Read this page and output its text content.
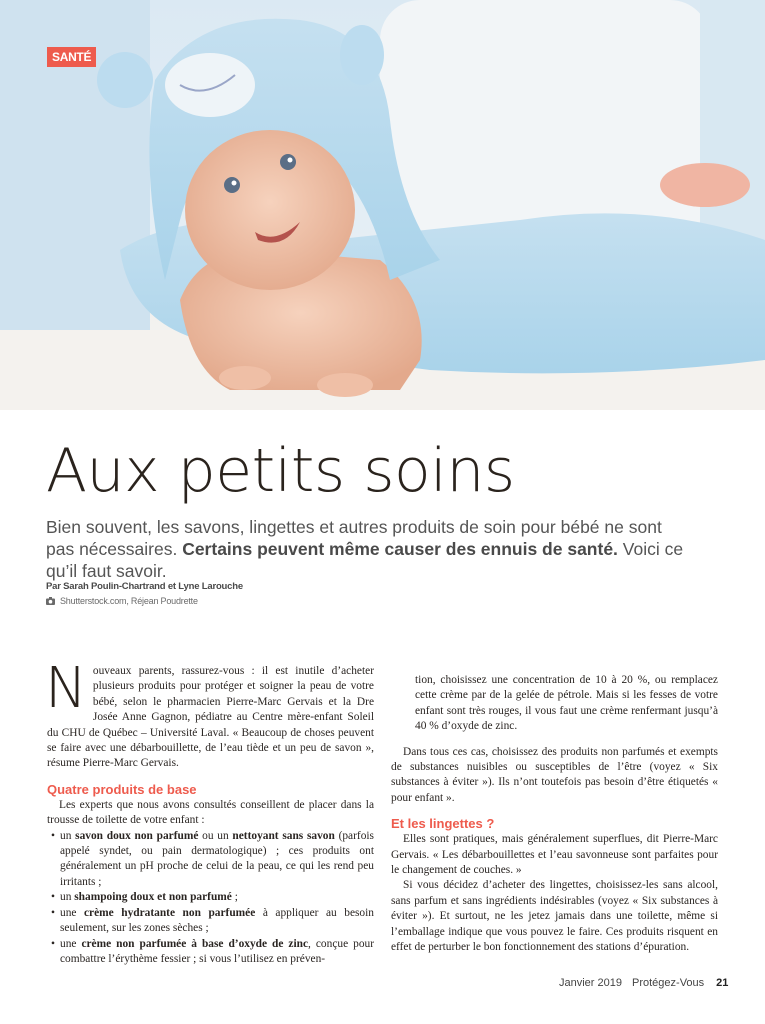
SANTÉ
Aux petits soins

Bien souvent, les savons, lingettes et autres produits de soin pour bébé ne sont pas nécessaires. Certains peuvent même causer des ennuis de santé. Voici ce qu’il faut savoir.

Par Sarah Poulin-Chartrand et Lyne Larouche
Shutterstock.com, Réjean Poudrette

Nouveaux parents, rassurez-vous : il est inutile d’acheter plusieurs produits pour protéger et soigner la peau de votre bébé, selon le pharmacien Pierre-Marc Gervais et la Dre Josée Anne Gagnon, pédiatre au Centre mère-enfant Soleil du CHU de Québec – Université Laval. « Beaucoup de choses peuvent se faire avec une débarbouillette, de l’eau tiède et un peu de savon », résume Pierre-Marc Gervais.

Quatre produits de base

Les experts que nous avons consultés conseillent de placer dans la trousse de toilette de votre enfant :

• un savon doux non parfumé ou un nettoyant sans savon (parfois appelé syndet, ou pain dermatologique) ; ces produits ont généralement un pH proche de celui de la peau, ce qui les rend peu irritants ;
• un shampoing doux et non parfumé ;
• une crème hydratante non parfumée à appliquer au besoin seulement, sur les zones sèches ;
• une crème non parfumée à base d’oxyde de zinc, conçue pour combattre l’érythème fessier ; si vous l’utilisez en préven-

tion, choisissez une concentration de 10 à 20 %, ou remplacez cette crème par de la gelée de pétrole. Mais si les fesses de votre enfant sont très rouges, il vous faut une crème renfermant jusqu’à 40 % d’oxyde de zinc.

Dans tous ces cas, choisissez des produits non parfumés et exempts de substances nuisibles ou susceptibles de l’être (voyez « Six substances à éviter »). Ils n’ont toutefois pas besoin d’être étiquetés « pour enfant ».

Et les lingettes ?

Elles sont pratiques, mais généralement superflues, dit Pierre-Marc Gervais. « Les débarbouillettes et l’eau savonneuse sont parfaites pour le changement de couches. »

Si vous décidez d’acheter des lingettes, choisissez-les sans alcool, sans parfum et sans ingrédients indésirables (voyez « Six substances à éviter »). Et surtout, ne les jetez jamais dans une toilette, même si l’emballage indique que vous pouvez le faire. Ces produits risquent en effet de perturber le bon fonctionnement des stations d’épuration.

Janvier 2019 Protégez-Vous 21
